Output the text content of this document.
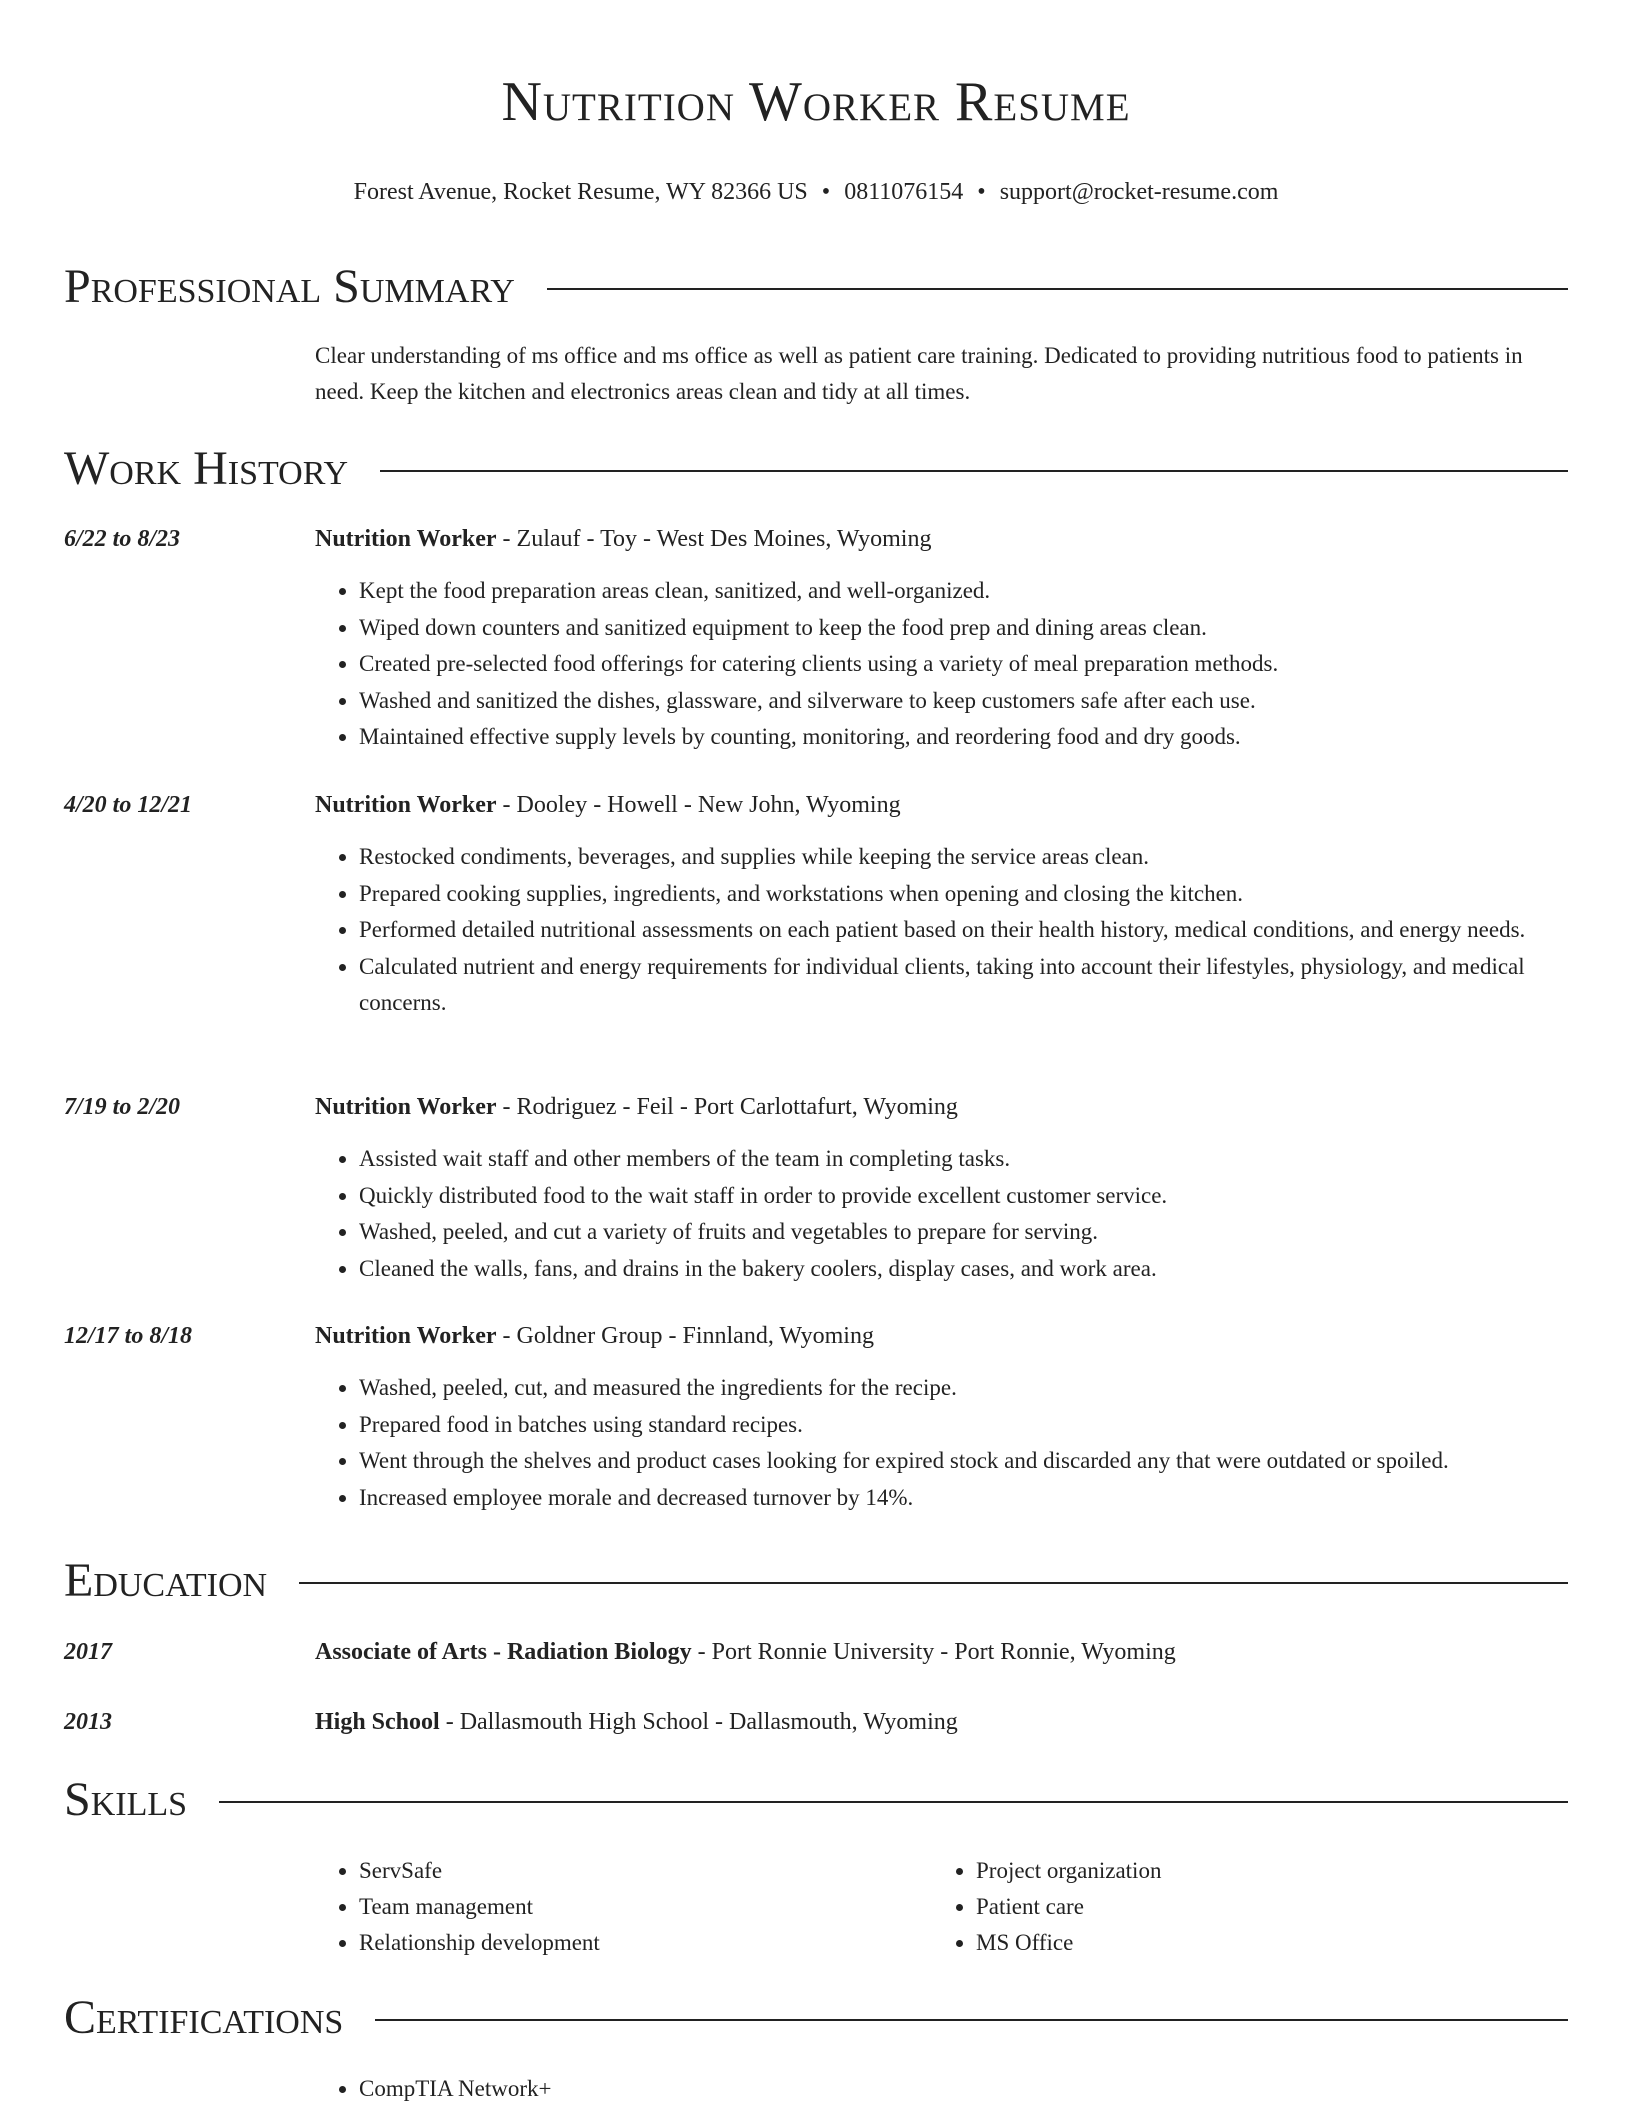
Nutrition Worker Resume
Forest Avenue, Rocket Resume, WY 82366 US • 0811076154 • support@rocket-resume.com
Professional Summary
Clear understanding of ms office and ms office as well as patient care training. Dedicated to providing nutritious food to patients in need. Keep the kitchen and electronics areas clean and tidy at all times.
Work History
6/22 to 8/23	Nutrition Worker - Zulauf - Toy - West Des Moines, Wyoming
• Kept the food preparation areas clean, sanitized, and well-organized.
• Wiped down counters and sanitized equipment to keep the food prep and dining areas clean.
• Created pre-selected food offerings for catering clients using a variety of meal preparation methods.
• Washed and sanitized the dishes, glassware, and silverware to keep customers safe after each use.
• Maintained effective supply levels by counting, monitoring, and reordering food and dry goods.
4/20 to 12/21	Nutrition Worker - Dooley - Howell - New John, Wyoming
• Restocked condiments, beverages, and supplies while keeping the service areas clean.
• Prepared cooking supplies, ingredients, and workstations when opening and closing the kitchen.
• Performed detailed nutritional assessments on each patient based on their health history, medical conditions, and energy needs.
• Calculated nutrient and energy requirements for individual clients, taking into account their lifestyles, physiology, and medical concerns.
7/19 to 2/20	Nutrition Worker - Rodriguez - Feil - Port Carlottafurt, Wyoming
• Assisted wait staff and other members of the team in completing tasks.
• Quickly distributed food to the wait staff in order to provide excellent customer service.
• Washed, peeled, and cut a variety of fruits and vegetables to prepare for serving.
• Cleaned the walls, fans, and drains in the bakery coolers, display cases, and work area.
12/17 to 8/18	Nutrition Worker - Goldner Group - Finnland, Wyoming
• Washed, peeled, cut, and measured the ingredients for the recipe.
• Prepared food in batches using standard recipes.
• Went through the shelves and product cases looking for expired stock and discarded any that were outdated or spoiled.
• Increased employee morale and decreased turnover by 14%.
Education
2017	Associate of Arts - Radiation Biology - Port Ronnie University - Port Ronnie, Wyoming
2013	High School - Dallasmouth High School - Dallasmouth, Wyoming
Skills
• ServSafe
• Team management
• Relationship development
• Project organization
• Patient care
• MS Office
Certifications
• CompTIA Network+
